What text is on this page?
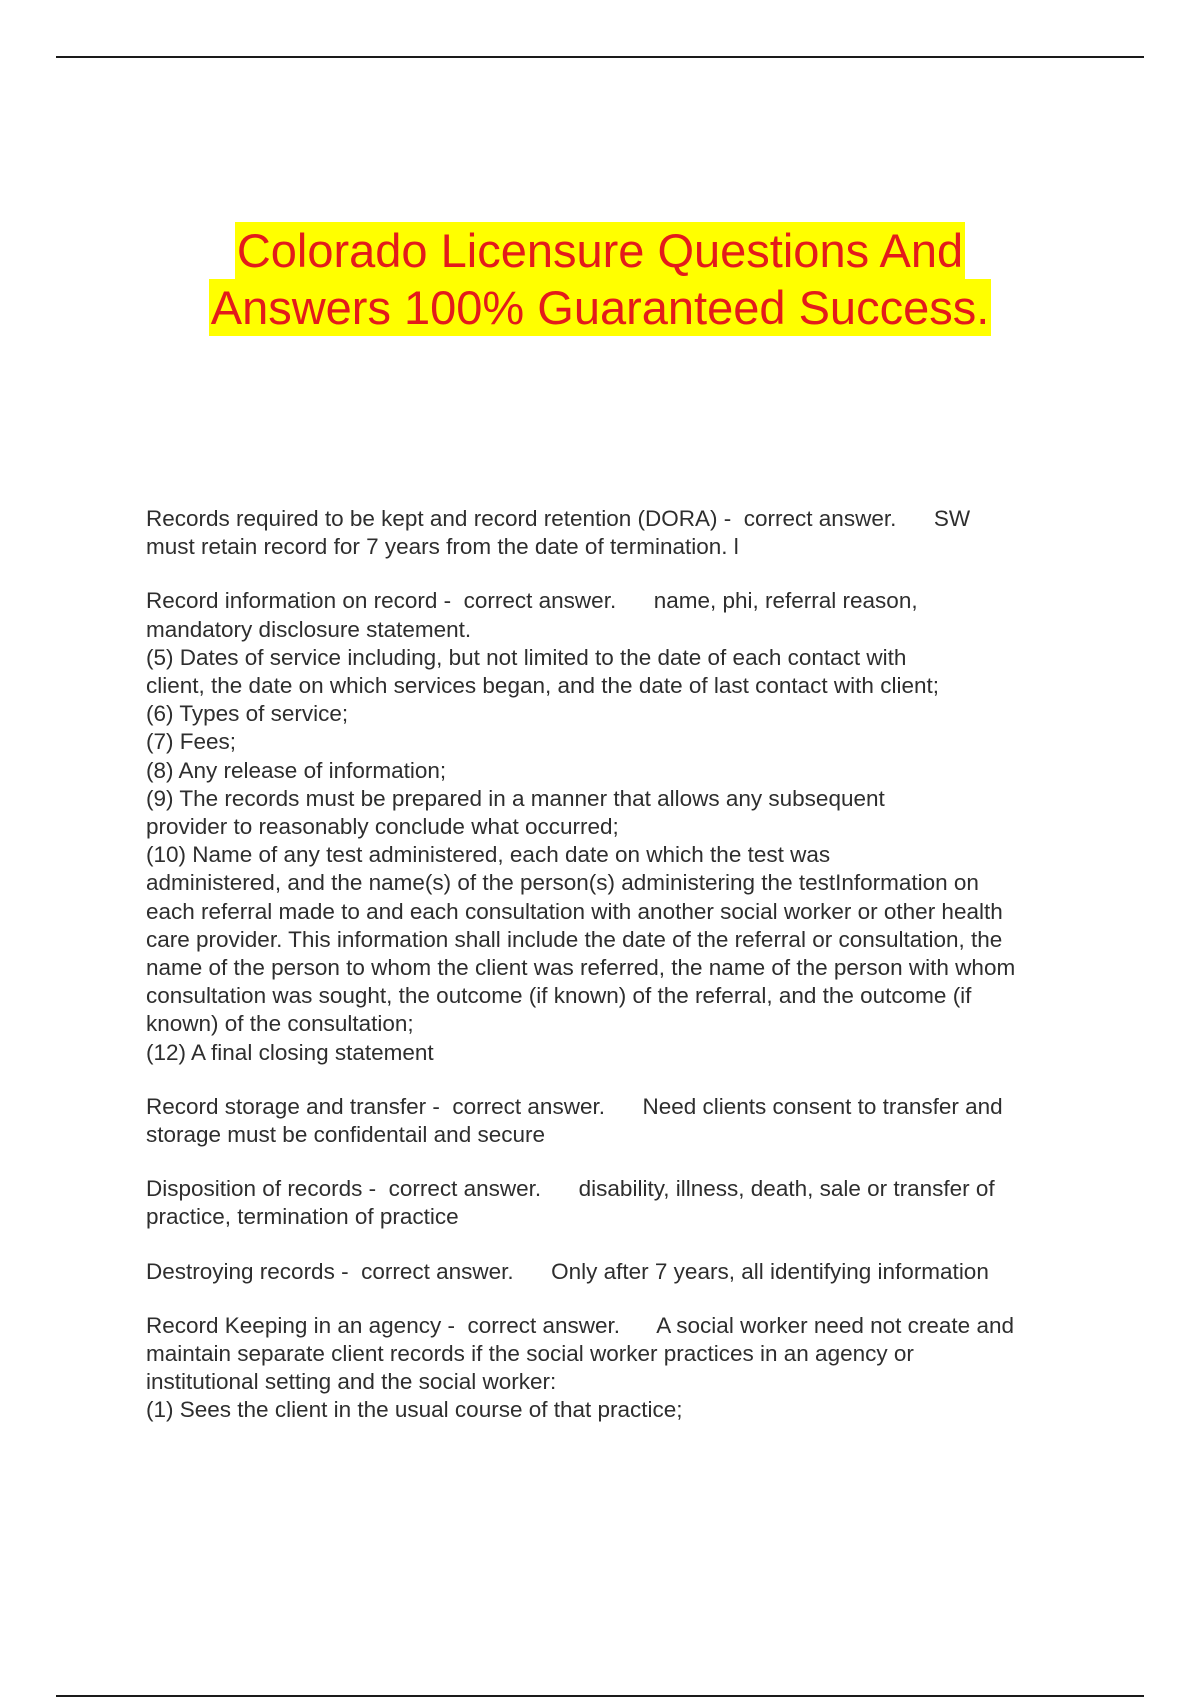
Colorado Licensure Questions And
Answers 100% Guaranteed Success.
Records required to be kept and record retention (DORA) -  correct answer.      SW
must retain record for 7 years from the date of termination. l
Record information on record -  correct answer.      name, phi, referral reason,
mandatory disclosure statement.
(5) Dates of service including, but not limited to the date of each contact with
client, the date on which services began, and the date of last contact with client;
(6) Types of service;
(7) Fees;
(8) Any release of information;
(9) The records must be prepared in a manner that allows any subsequent
provider to reasonably conclude what occurred;
(10) Name of any test administered, each date on which the test was
administered, and the name(s) of the person(s) administering the testInformation on
each referral made to and each consultation with another social worker or other health
care provider. This information shall include the date of the referral or consultation, the
name of the person to whom the client was referred, the name of the person with whom
consultation was sought, the outcome (if known) of the referral, and the outcome (if
known) of the consultation;
(12) A final closing statement
Record storage and transfer -  correct answer.      Need clients consent to transfer and
storage must be confidentail and secure
Disposition of records -  correct answer.      disability, illness, death, sale or transfer of
practice, termination of practice
Destroying records -  correct answer.      Only after 7 years, all identifying information
Record Keeping in an agency -  correct answer.      A social worker need not create and
maintain separate client records if the social worker practices in an agency or
institutional setting and the social worker:
(1) Sees the client in the usual course of that practice;
